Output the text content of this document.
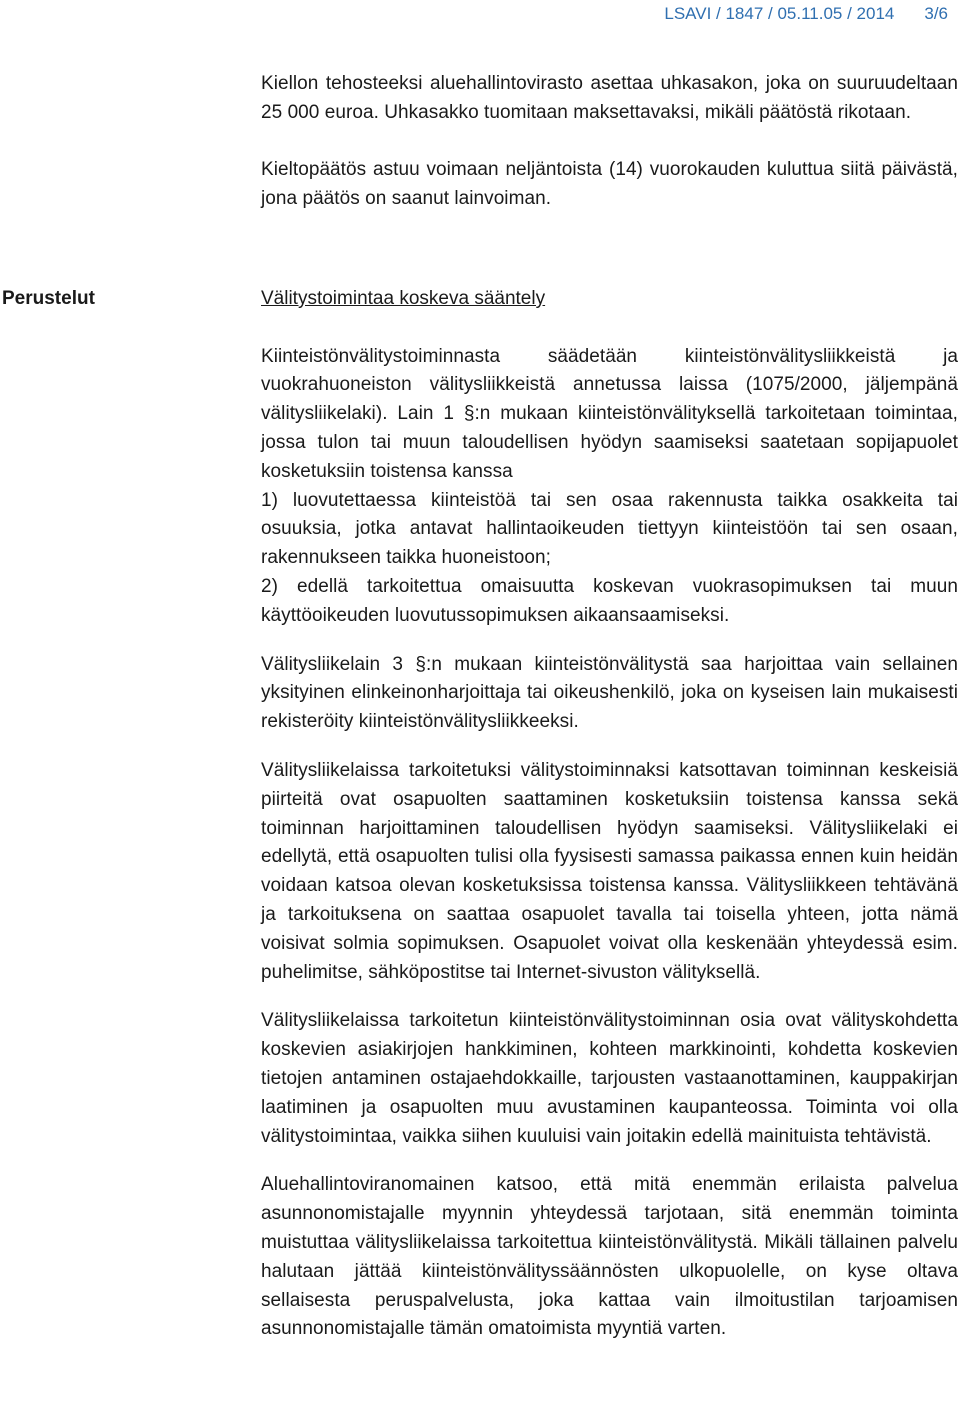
LSAVI / 1847 / 05.11.05 / 2014 3/6

Kiellon tehosteeksi aluehallintovirasto asettaa uhkasakon, joka on suuruudeltaan 25 000 euroa. Uhkasakko tuomitaan maksettavaksi, mikäli päätöstä rikotaan.

Kieltopäätös astuu voimaan neljäntoista (14) vuorokauden kuluttua siitä päivästä, jona päätös on saanut lainvoiman.

Perustelut	Välitystoimintaa koskeva sääntely

Kiinteistönvälitystoiminnasta säädetään kiinteistönvälitysliikkeistä ja vuokrahuoneiston välitysliikkeistä annetussa laissa (1075/2000, jäljempänä välitysliikelaki). Lain 1 §:n mukaan kiinteistönvälityksellä tarkoitetaan toimintaa, jossa tulon tai muun taloudellisen hyödyn saamiseksi saatetaan sopijapuolet kosketuksiin toistensa kanssa

1) luovutettaessa kiinteistöä tai sen osaa rakennusta taikka osakkeita tai osuuksia, jotka antavat hallintaoikeuden tiettyyn kiinteistöön tai sen osaan, rakennukseen taikka huoneistoon;

2) edellä tarkoitettua omaisuutta koskevan vuokrasopimuksen tai muun käyttöoikeuden luovutussopimuksen aikaansaamiseksi.

Välitysliikelain 3 §:n mukaan kiinteistönvälitystä saa harjoittaa vain sellainen yksityinen elinkeinonharjoittaja tai oikeushenkilö, joka on kyseisen lain mukaisesti rekisteröity kiinteistönvälitysliikkeeksi.

Välitysliikelaissa tarkoitetuksi välitystoiminnaksi katsottavan toiminnan keskeisiä piirteitä ovat osapuolten saattaminen kosketuksiin toistensa kanssa sekä toiminnan harjoittaminen taloudellisen hyödyn saamiseksi. Välitysliikelaki ei edellytä, että osapuolten tulisi olla fyysisesti samassa paikassa ennen kuin heidän voidaan katsoa olevan kosketuksissa toistensa kanssa. Välitysliikkeen tehtävänä ja tarkoituksena on saattaa osapuolet tavalla tai toisella yhteen, jotta nämä voisivat solmia sopimuksen. Osapuolet voivat olla keskenään yhteydessä esim. puhelimitse, sähköpostitse tai Internet-sivuston välityksellä.

Välitysliikelaissa tarkoitetun kiinteistönvälitystoiminnan osia ovat välityskohdetta koskevien asiakirjojen hankkiminen, kohteen markkinointi, kohdetta koskevien tietojen antaminen ostajaehdokkaille, tarjousten vastaanottaminen, kauppakirjan laatiminen ja osapuolten muu avustaminen kaupanteossa. Toiminta voi olla välitystoimintaa, vaikka siihen kuuluisi vain joitakin edellä mainituista tehtävistä.

Aluehallintoviranomainen katsoo, että mitä enemmän erilaista palvelua asunnonomistajalle myynnin yhteydessä tarjotaan, sitä enemmän toiminta muistuttaa välitysliikelaissa tarkoitettua kiinteistönvälitystä. Mikäli tällainen palvelu halutaan jättää kiinteistönvälityssäännösten ulkopuolelle, on kyse oltava sellaisesta peruspalvelusta, joka kattaa vain ilmoitustilan tarjoamisen asunnonomistajalle tämän omatoimista myyntiä varten.
